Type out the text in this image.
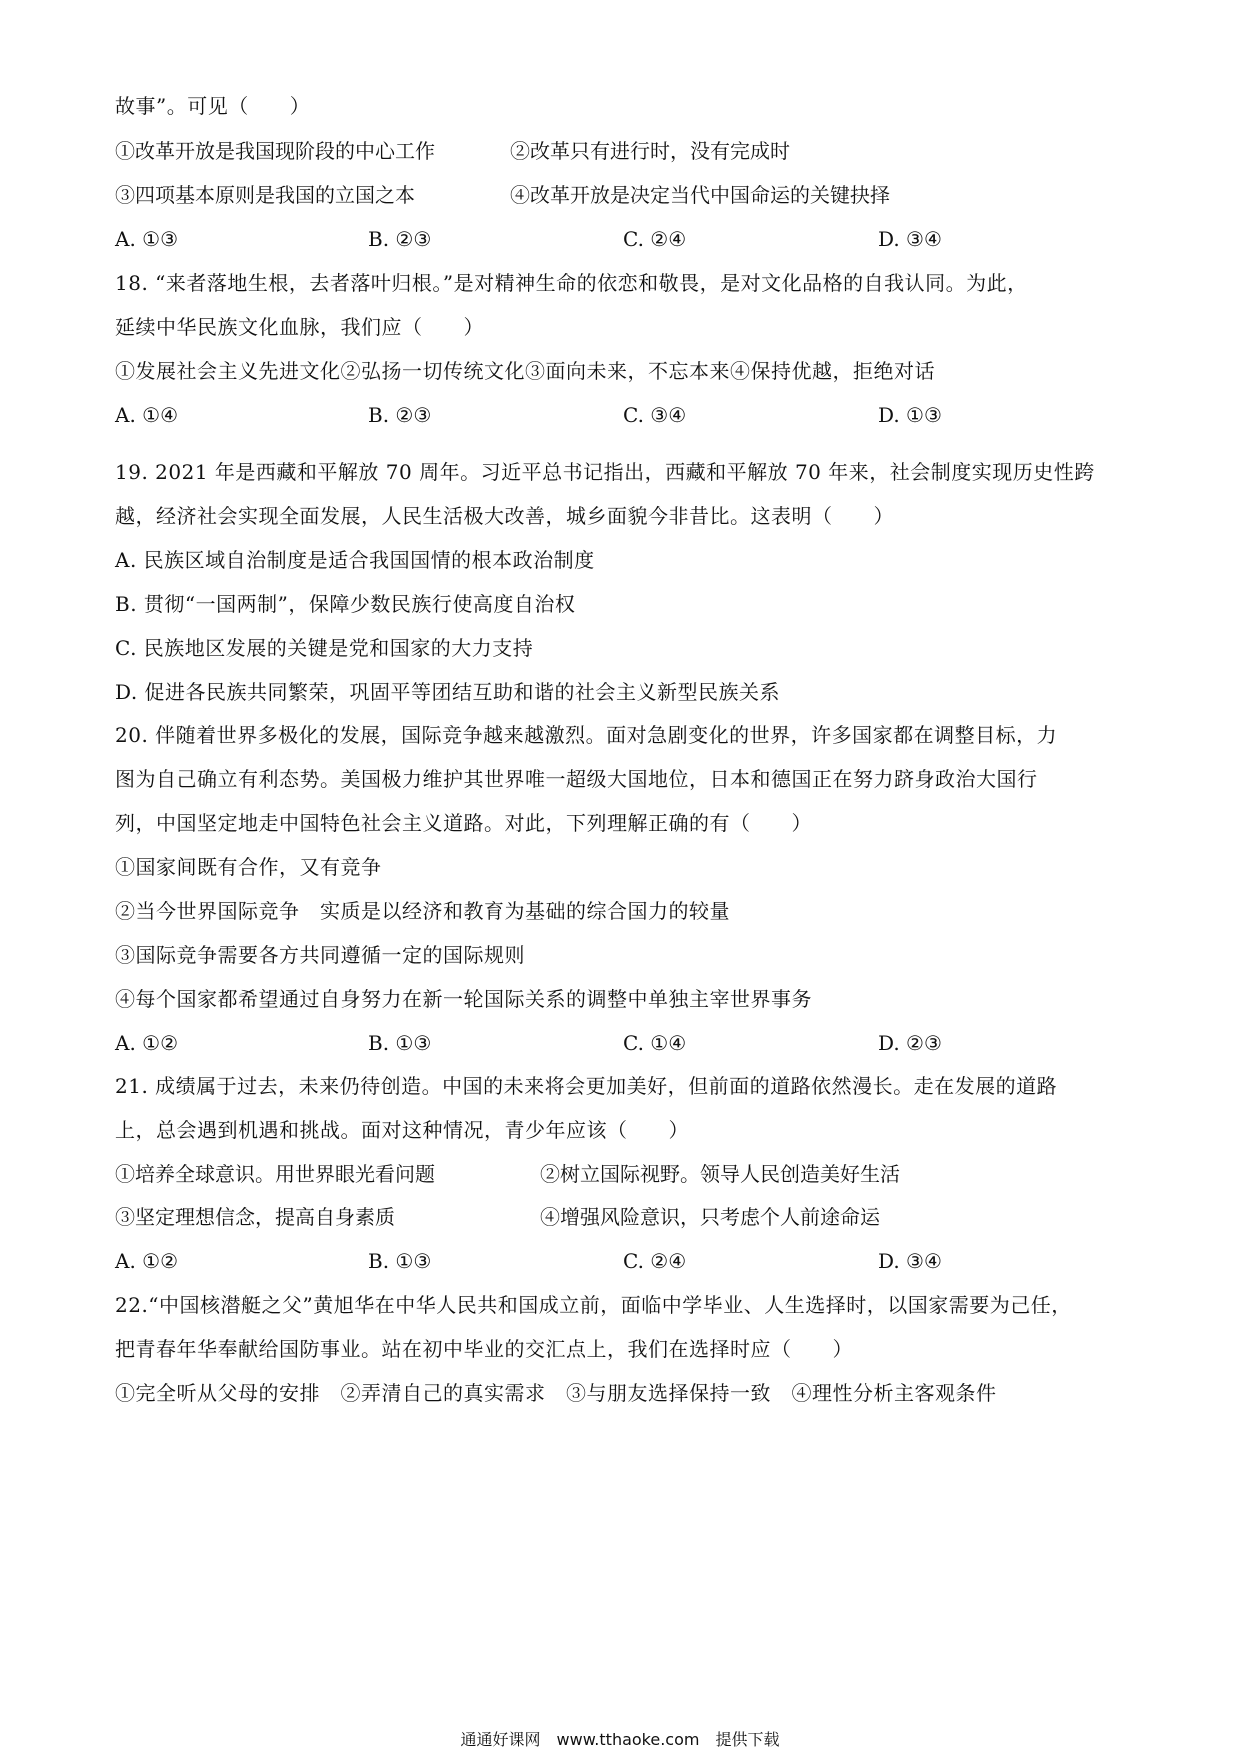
故事”。可见（　　）
①改革开放是我国现阶段的中心工作	②改革只有进行时，没有完成时
③四项基本原则是我国的立国之本	④改革开放是决定当代中国命运的关键抉择
A. ①③	B. ②③	C. ②④	D. ③④
18. “来者落地生根，去者落叶归根。”是对精神生命的依恋和敬畏，是对文化品格的自我认同。为此，
延续中华民族文化血脉，我们应（　　）
①发展社会主义先进文化②弘扬一切传统文化③面向未来，不忘本来④保持优越，拒绝对话
A. ①④	B. ②③	C. ③④	D. ①③
19. 2021 年是西藏和平解放 70 周年。习近平总书记指出，西藏和平解放 70 年来，社会制度实现历史性跨
越，经济社会实现全面发展，人民生活极大改善，城乡面貌今非昔比。这表明（　　）
A. 民族区域自治制度是适合我国国情的根本政治制度
B. 贯彻“一国两制”，保障少数民族行使高度自治权
C. 民族地区发展的关键是党和国家的大力支持
D. 促进各民族共同繁荣，巩固平等团结互助和谐的社会主义新型民族关系
20. 伴随着世界多极化的发展，国际竞争越来越激烈。面对急剧变化的世界，许多国家都在调整目标，力
图为自己确立有利态势。美国极力维护其世界唯一超级大国地位，日本和德国正在努力跻身政治大国行
列，中国坚定地走中国特色社会主义道路。对此，下列理解正确的有（　　）
①国家间既有合作，又有竞争
②当今世界国际竞争　实质是以经济和教育为基础的综合国力的较量
③国际竞争需要各方共同遵循一定的国际规则
④每个国家都希望通过自身努力在新一轮国际关系的调整中单独主宰世界事务
A. ①②	B. ①③	C. ①④	D. ②③
21. 成绩属于过去，未来仍待创造。中国的未来将会更加美好，但前面的道路依然漫长。走在发展的道路
上，总会遇到机遇和挑战。面对这种情况，青少年应该（　　）
①培养全球意识。用世界眼光看问题	②树立国际视野。领导人民创造美好生活
③坚定理想信念，提高自身素质	④增强风险意识，只考虑个人前途命运
A. ①②	B. ①③	C. ②④	D. ③④
22.“中国核潜艇之父”黄旭华在中华人民共和国成立前，面临中学毕业、人生选择时，以国家需要为己任，
把青春年华奉献给国防事业。站在初中毕业的交汇点上，我们在选择时应（　　）
①完全听从父母的安排　②弄清自己的真实需求　③与朋友选择保持一致　④理性分析主客观条件
通通好课网　www.tthaoke.com　提供下载
